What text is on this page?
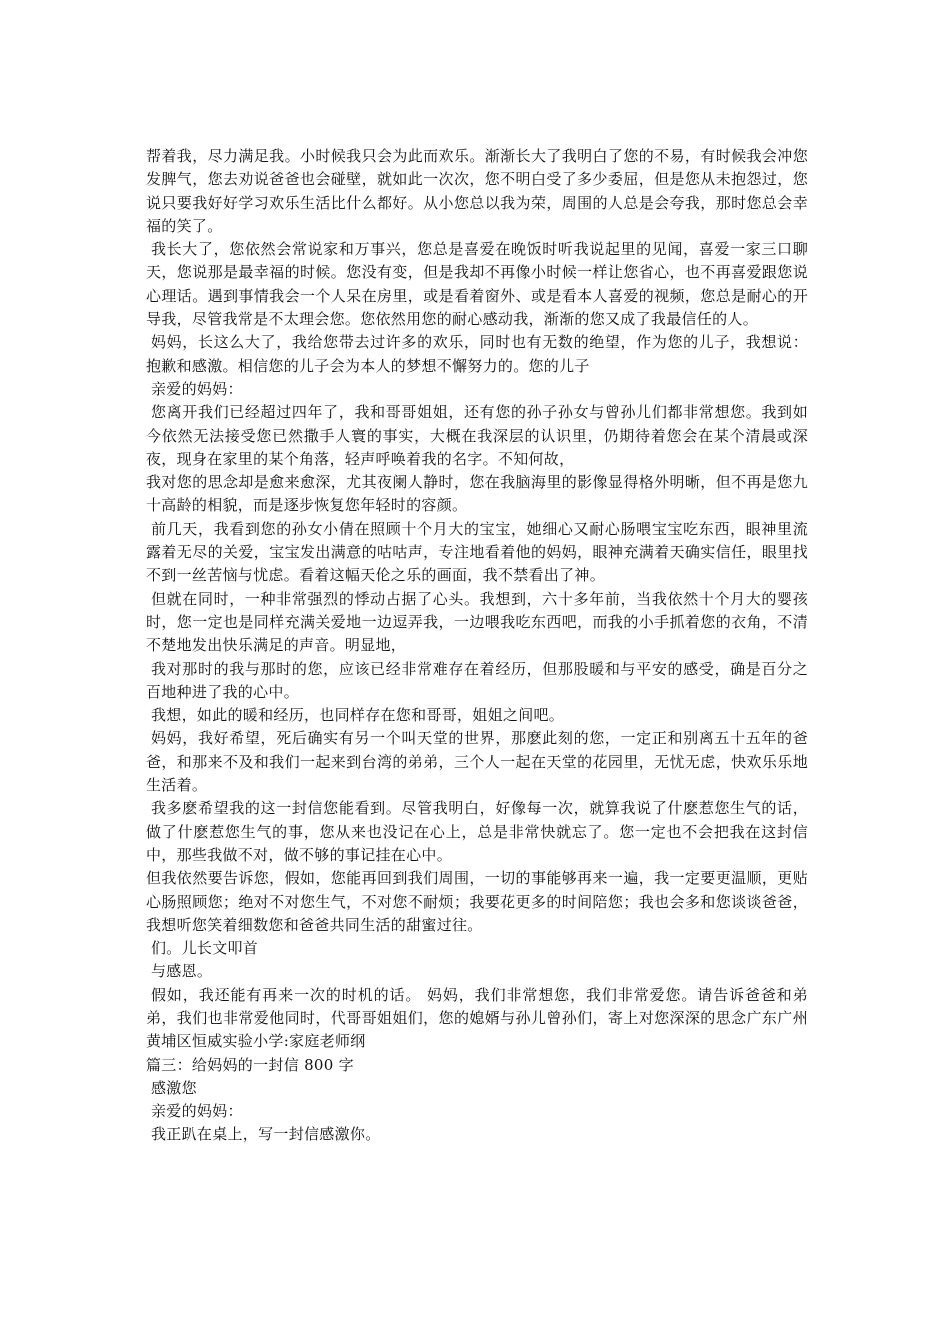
帮着我，尽力满足我。小时候我只会为此而欢乐。渐渐长大了我明白了您的不易，有时候我会冲您发脾气，您去劝说爸爸也会碰壁，就如此一次次，您不明白受了多少委屈，但是您从未抱怨过，您说只要我好好学习欢乐生活比什么都好。从小您总以我为荣，周围的人总是会夸我，那时您总会幸福的笑了。

我长大了，您依然会常说家和万事兴，您总是喜爱在晚饭时听我说起里的见闻，喜爱一家三口聊天，您说那是最幸福的时候。您没有变，但是我却不再像小时候一样让您省心，也不再喜爱跟您说心理话。遇到事情我会一个人呆在房里，或是看着窗外、或是看本人喜爱的视频，您总是耐心的开导我，尽管我常是不太理会您。您依然用您的耐心感动我，渐渐的您又成了我最信任的人。

妈妈，长这么大了，我给您带去过许多的欢乐，同时也有无数的绝望，作为您的儿子，我想说：抱歉和感激。相信您的儿子会为本人的梦想不懈努力的。您的儿子

亲爱的妈妈：

您离开我们已经超过四年了，我和哥哥姐姐，还有您的孙子孙女与曾孙儿们都非常想您。我到如今依然无法接受您已然撒手人寰的事实，大概在我深层的认识里，仍期待着您会在某个清晨或深夜，现身在家里的某个角落，轻声呼唤着我的名字。不知何故，

我对您的思念却是愈来愈深，尤其夜阑人静时，您在我脑海里的影像显得格外明晰，但不再是您九十高龄的相貌，而是逐步恢复您年轻时的容颜。

前几天，我看到您的孙女小倩在照顾十个月大的宝宝，她细心又耐心肠喂宝宝吃东西，眼神里流露着无尽的关爱，宝宝发出满意的咕咕声，专注地看着他的妈妈，眼神充满着天确实信任，眼里找不到一丝苦恼与忧虑。看着这幅天伦之乐的画面，我不禁看出了神。

但就在同时，一种非常强烈的悸动占据了心头。我想到，六十多年前，当我依然十个月大的婴孩时，您一定也是同样充满关爱地一边逗弄我，一边喂我吃东西吧，而我的小手抓着您的衣角，不清不楚地发出快乐满足的声音。明显地，

我对那时的我与那时的您，应该已经非常难存在着经历，但那股暖和与平安的感受，确是百分之百地种进了我的心中。

我想，如此的暖和经历，也同样存在您和哥哥，姐姐之间吧。

妈妈，我好希望，死后确实有另一个叫天堂的世界，那麽此刻的您，一定正和别离五十五年的爸爸，和那来不及和我们一起来到台湾的弟弟，三个人一起在天堂的花园里，无忧无虑，快欢乐乐地生活着。

我多麽希望我的这一封信您能看到。尽管我明白，好像每一次，就算我说了什麽惹您生气的话，做了什麽惹您生气的事，您从来也没记在心上，总是非常快就忘了。您一定也不会把我在这封信中，那些我做不对，做不够的事记挂在心中。

但我依然要告诉您，假如，您能再回到我们周围，一切的事能够再来一遍，我一定要更温顺，更贴心肠照顾您；绝对不对您生气，不对您不耐烦；我要花更多的时间陪您；我也会多和您谈谈爸爸，我想听您笑着细数您和爸爸共同生活的甜蜜过往。

们。儿长文叩首

与感恩。

假如，我还能有再来一次的时机的话。 妈妈，我们非常想您，我们非常爱您。请告诉爸爸和弟弟，我们也非常爱他同时，代哥哥姐姐们，您的媳婿与孙儿曾孙们，寄上对您深深的思念广东广州黄埔区恒威实验小学:家庭老师纲

篇三：给妈妈的一封信 800 字

感激您

亲爱的妈妈：

我正趴在桌上，写一封信感激你。
